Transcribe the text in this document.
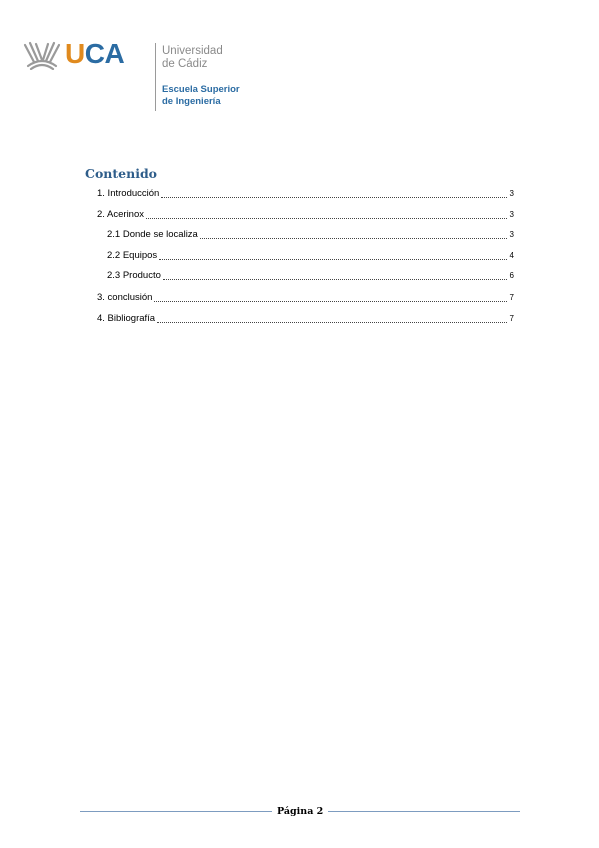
UCA	Universidad
de Cádiz
Escuela Superior
de Ingeniería
Contenido
1. Introducción	3
2. Acerinox	3
2.1 Donde se localiza	3
2.2 Equipos	4
2.3 Producto	6
3. conclusión	7
4. Bibliografía	7
Página 2
